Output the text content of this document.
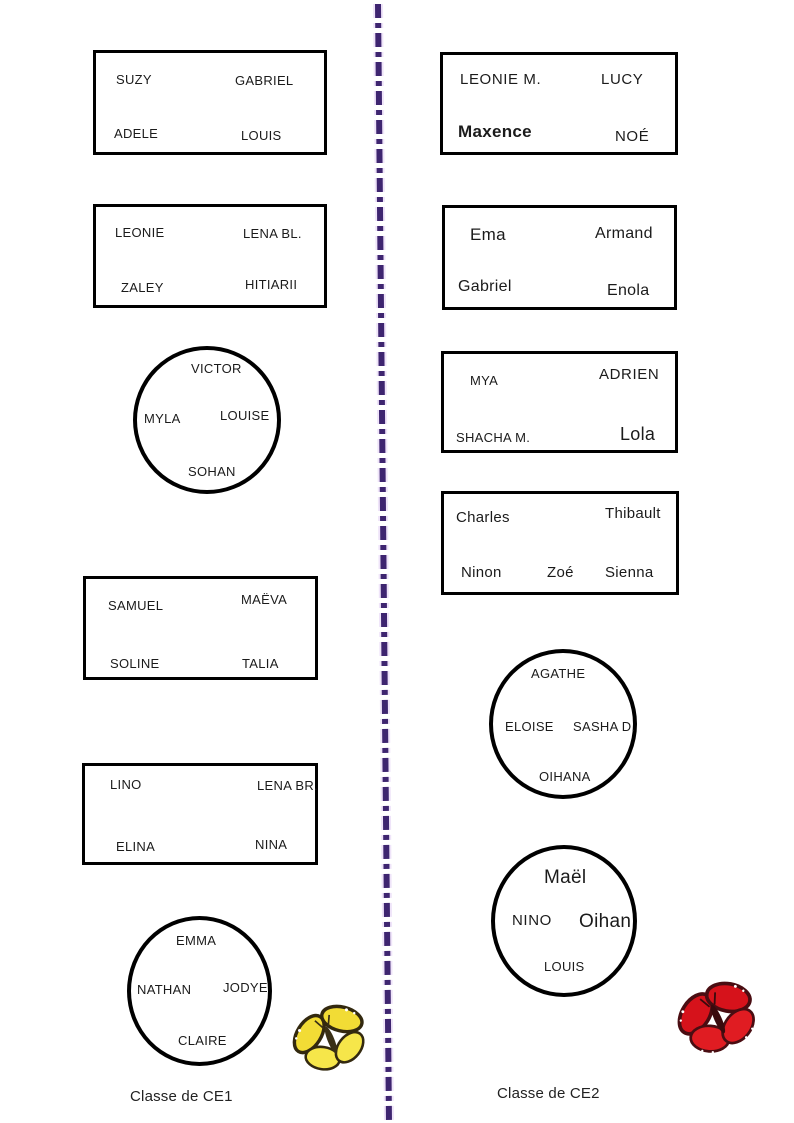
SUZY	GABRIEL
ADELE	LOUIS
LEONIE	LENA BL.
ZALEY	HITIARII
VICTOR
MYLA	LOUISE
SOHAN
SAMUEL	MAËVA
SOLINE	TALIA
LINO	LENA BR.
ELINA	NINA
EMMA
NATHAN JODYE
CLAIRE
Classe de CE1
LEONIE M.	LUCY
Maxence	NOÉ
Ema	Armand
Gabriel	Enola
MYA	ADRIEN
SHACHA M.	Lola
Charles	Thibault
Ninon	Zoé Sienna
AGATHE
ELOISE SASHA D.
OIHANA
Maël
NINO Oihan
LOUIS
Classe de CE2
